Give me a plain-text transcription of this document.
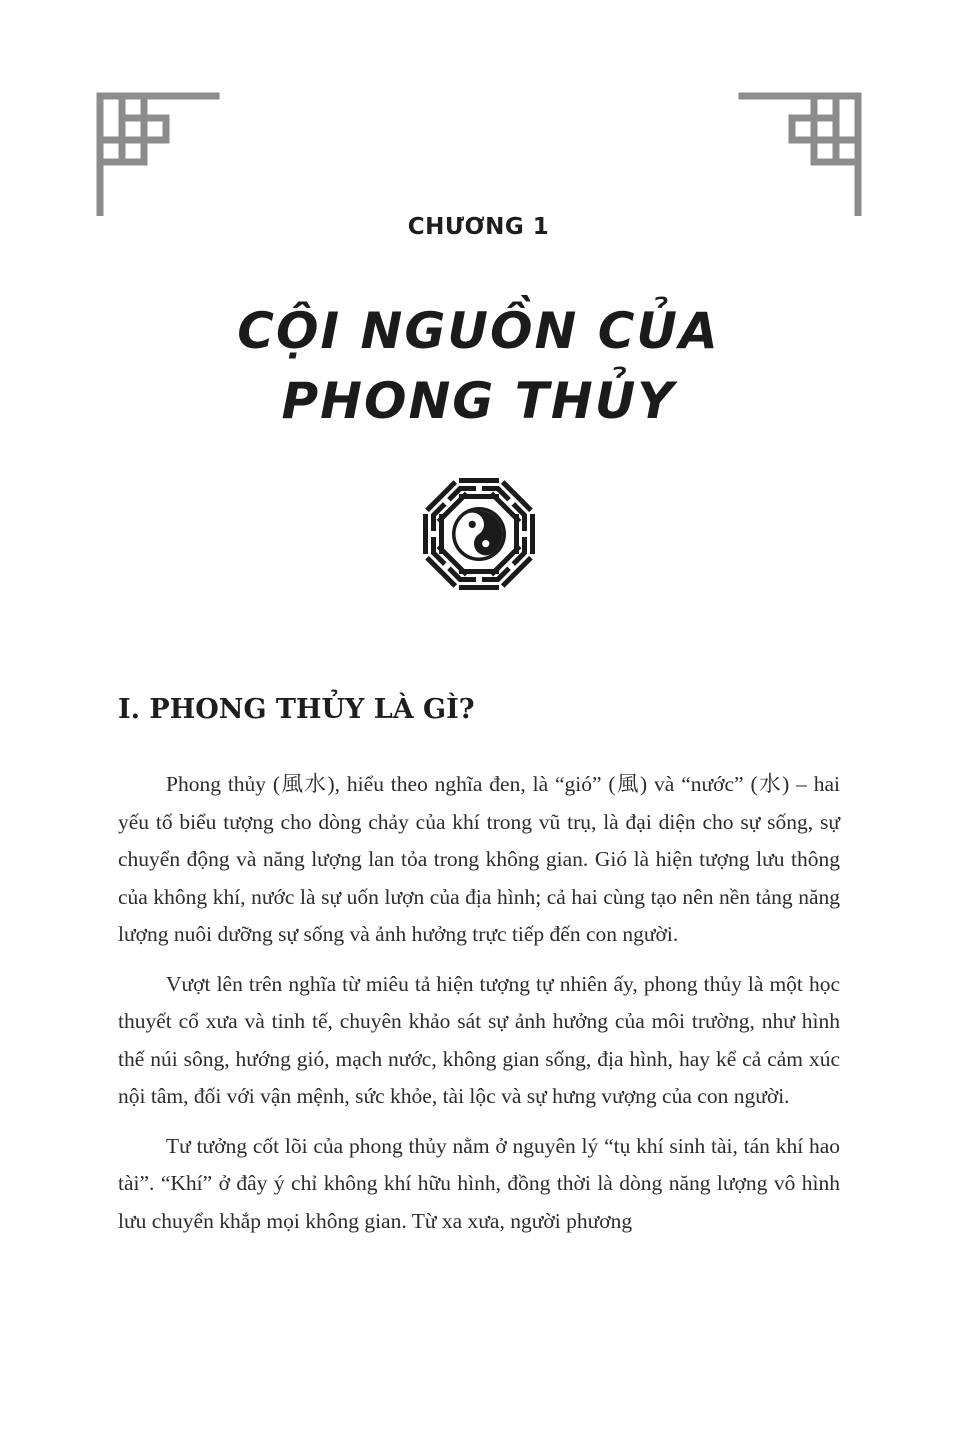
CHƯƠNG 1
CỘI NGUỒN CỦA
PHONG THỦY
I. PHONG THỦY LÀ GÌ?

Phong thủy (風水), hiểu theo nghĩa đen, là “gió” (風) và “nước” (水) – hai yếu tố biểu tượng cho dòng chảy của khí trong vũ trụ, là đại diện cho sự sống, sự chuyển động và năng lượng lan tỏa trong không gian. Gió là hiện tượng lưu thông của không khí, nước là sự uốn lượn của địa hình; cả hai cùng tạo nên nền tảng năng lượng nuôi dưỡng sự sống và ảnh hưởng trực tiếp đến con người.

Vượt lên trên nghĩa từ miêu tả hiện tượng tự nhiên ấy, phong thủy là một học thuyết cổ xưa và tinh tế, chuyên khảo sát sự ảnh hưởng của môi trường, như hình thế núi sông, hướng gió, mạch nước, không gian sống, địa hình, hay kể cả cảm xúc nội tâm, đối với vận mệnh, sức khỏe, tài lộc và sự hưng vượng của con người.

Tư tưởng cốt lõi của phong thủy nằm ở nguyên lý “tụ khí sinh tài, tán khí hao tài”. “Khí” ở đây ý chỉ không khí hữu hình, đồng thời là dòng năng lượng vô hình lưu chuyển khắp mọi không gian. Từ xa xưa, người phương
